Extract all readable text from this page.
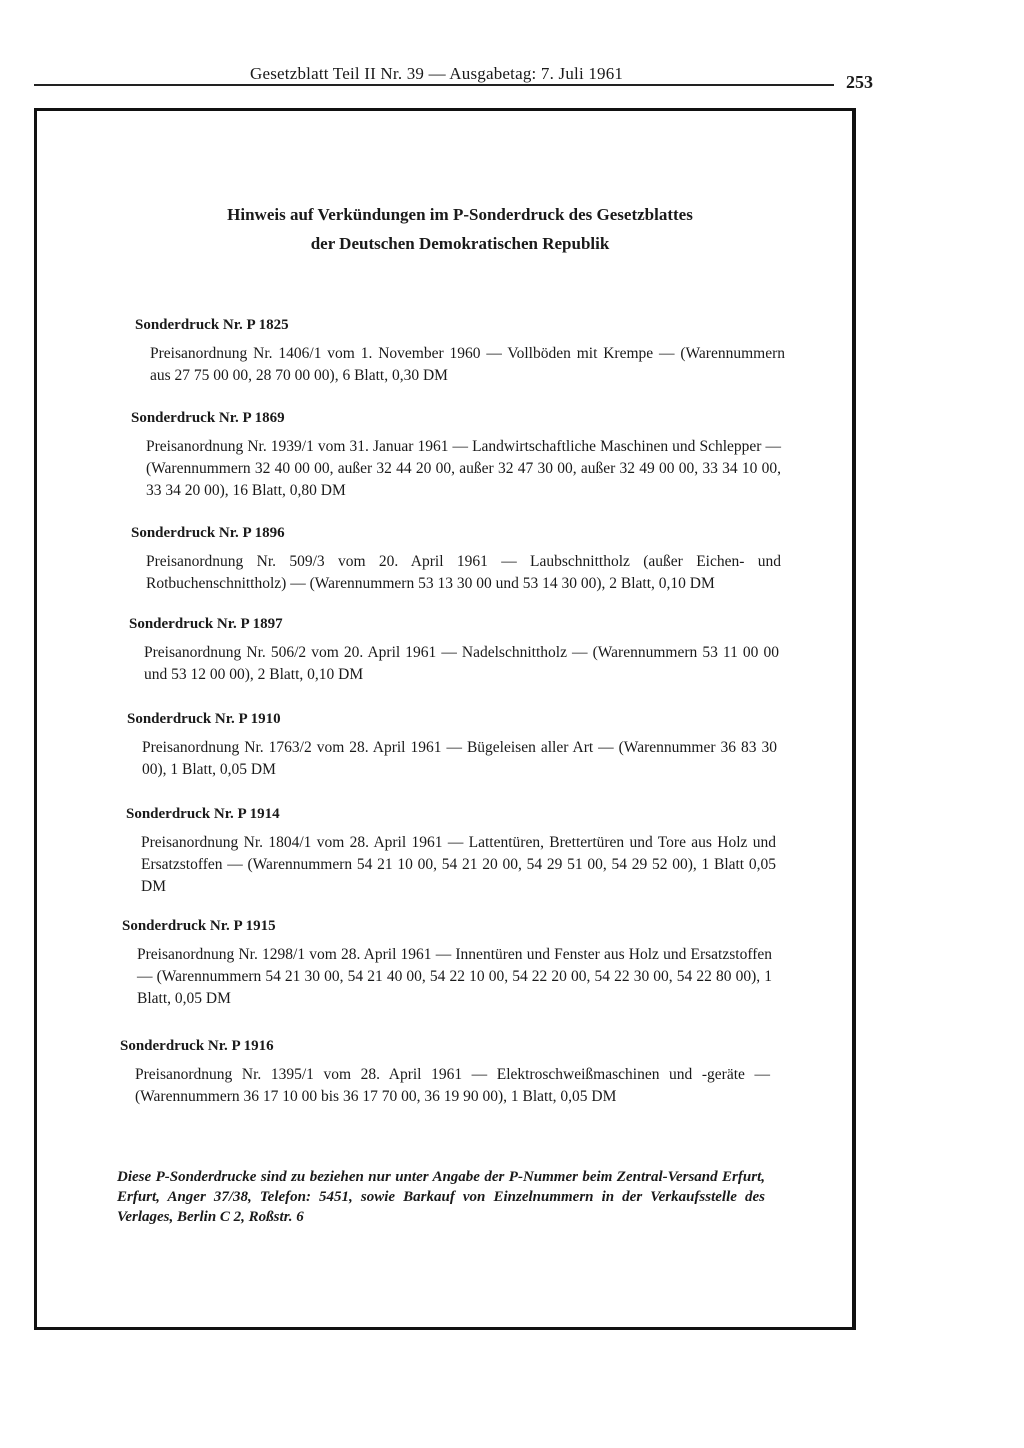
Gesetzblatt Teil II Nr. 39 — Ausgabetag: 7. Juli 1961	253
Hinweis auf Verkündungen im P-Sonderdruck des Gesetzblattes
der Deutschen Demokratischen Republik

Sonderdruck Nr. P 1825

Preisanordnung Nr. 1406/1 vom 1. November 1960 — Vollböden mit Krempe — (Warennummern aus 27 75 00 00, 28 70 00 00), 6 Blatt, 0,30 DM

Sonderdruck Nr. P 1869

Preisanordnung Nr. 1939/1 vom 31. Januar 1961 — Landwirtschaftliche Maschinen und Schlepper — (Warennummern 32 40 00 00, außer 32 44 20 00, außer 32 47 30 00, außer 32 49 00 00, 33 34 10 00, 33 34 20 00), 16 Blatt, 0,80 DM

Sonderdruck Nr. P 1896

Preisanordnung Nr. 509/3 vom 20. April 1961 — Laubschnittholz (außer Eichen- und Rotbuchenschnittholz) — (Warennummern 53 13 30 00 und 53 14 30 00), 2 Blatt, 0,10 DM

Sonderdruck Nr. P 1897

Preisanordnung Nr. 506/2 vom 20. April 1961 — Nadelschnittholz — (Warennummern 53 11 00 00 und 53 12 00 00), 2 Blatt, 0,10 DM

Sonderdruck Nr. P 1910

Preisanordnung Nr. 1763/2 vom 28. April 1961 — Bügeleisen aller Art — (Warennummer 36 83 30 00), 1 Blatt, 0,05 DM

Sonderdruck Nr. P 1914

Preisanordnung Nr. 1804/1 vom 28. April 1961 — Lattentüren, Brettertüren und Tore aus Holz und Ersatzstoffen — (Warennummern 54 21 10 00, 54 21 20 00, 54 29 51 00, 54 29 52 00), 1 Blatt 0,05 DM

Sonderdruck Nr. P 1915

Preisanordnung Nr. 1298/1 vom 28. April 1961 — Innentüren und Fenster aus Holz und Ersatzstoffen — (Warennummern 54 21 30 00, 54 21 40 00, 54 22 10 00, 54 22 20 00, 54 22 30 00, 54 22 80 00), 1 Blatt, 0,05 DM

Sonderdruck Nr. P 1916

Preisanordnung Nr. 1395/1 vom 28. April 1961 — Elektroschweißmaschinen und -geräte — (Warennummern 36 17 10 00 bis 36 17 70 00, 36 19 90 00), 1 Blatt, 0,05 DM

Diese P-Sonderdrucke sind zu beziehen nur unter Angabe der P-Nummer beim Zentral-Versand Erfurt, Erfurt, Anger 37/38, Telefon: 5451, sowie Barkauf von Einzelnummern in der Verkaufsstelle des Verlages, Berlin C 2, Roßstr. 6
